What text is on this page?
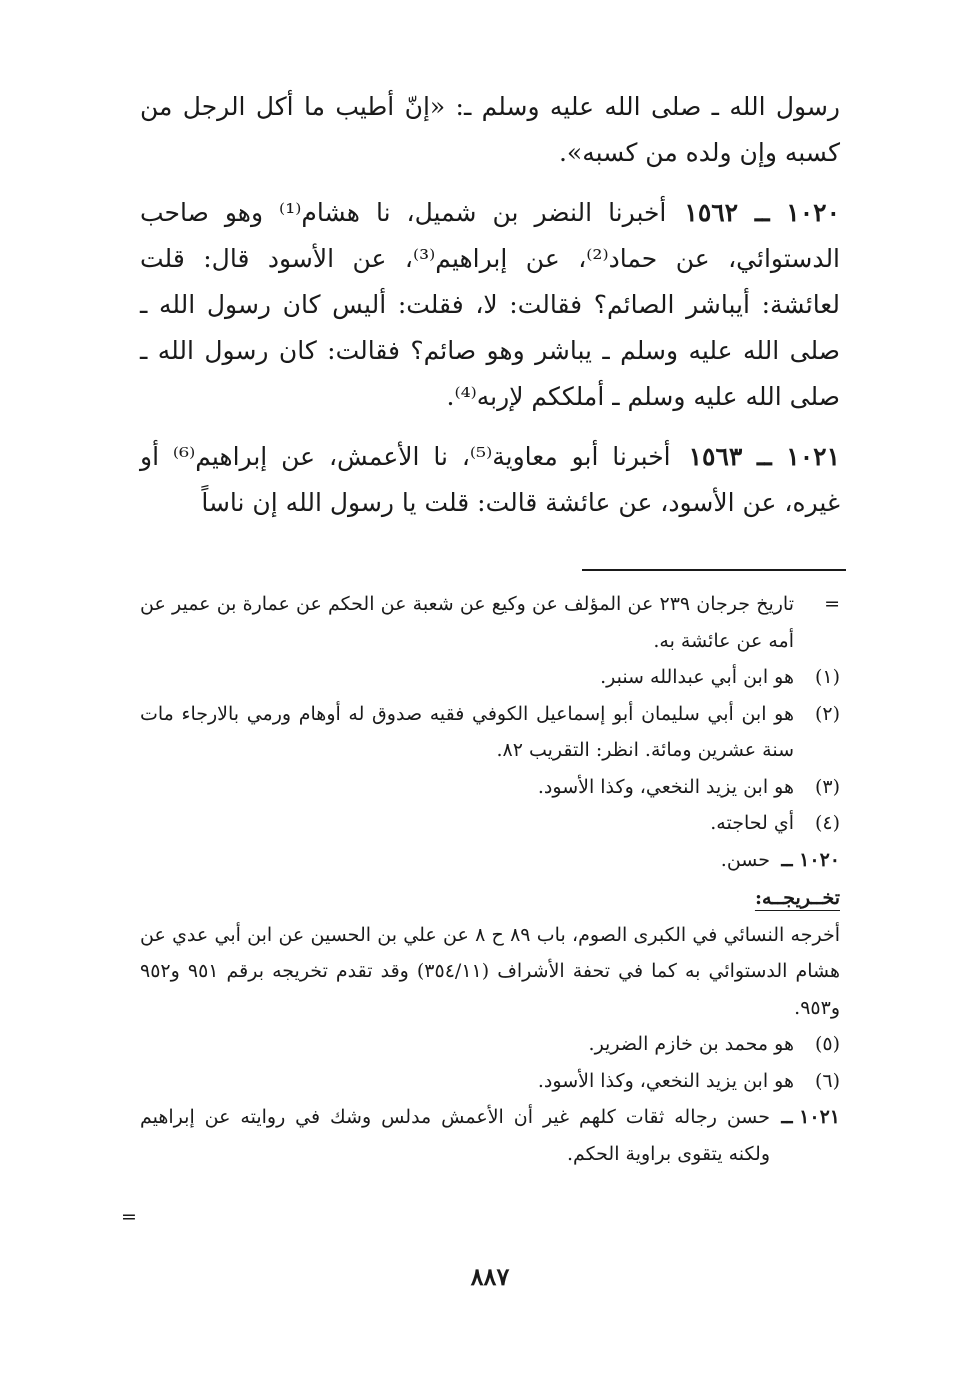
رسول الله ـ صلى الله عليه وسلم ـ: «إنّ أطيب ما أكل الرجل من كسبه وإن ولده من كسبه».

١٠٢٠ ــ ١٥٦٢أخبرنا النضر بن شميل، نا هشام⁽¹⁾ وهو صاحب الدستوائي، عن حماد⁽²⁾، عن إبراهيم⁽³⁾، عن الأسود قال: قلت لعائشة: أيباشر الصائم؟ فقالت: لا، فقلت: أليس كان رسول الله ـ صلى الله عليه وسلم ـ يباشر وهو صائم؟ فقالت: كان رسول الله ـ صلى الله عليه وسلم ـ أملككم لإربه⁽⁴⁾.

١٠٢١ ــ ١٥٦٣أخبرنا أبو معاوية⁽⁵⁾، نا الأعمش، عن إبراهيم⁽⁶⁾ أو غيره، عن الأسود، عن عائشة قالت: قلت يا رسول الله إن ناساً

=
تاريخ جرجان ٢٣٩ عن المؤلف عن وكيع عن شعبة عن الحكم عن عمارة بن عمير عن أمه عن عائشة به.
(١)
هو ابن أبي عبدالله سنبر.
(٢)
هو ابن أبي سليمان أبو إسماعيل الكوفي فقيه صدوق له أوهام ورمي بالارجاء مات سنة عشرين ومائة. انظر: التقريب ٨٢.
(٣)
هو ابن يزيد النخعي، وكذا الأسود.
(٤)
أي لحاجته.
١٠٢٠ ــ
حسن.
تخــريجــه:
أخرجه النسائي في الكبرى الصوم، باب ٨٩ ح ٨ عن علي بن الحسين عن ابن أبي عدي عن هشام الدستوائي به كما في تحفة الأشراف (٣٥٤/١١) وقد تقدم تخريجه برقم ٩٥١ و٩٥٢ و٩٥٣.
(٥)
هو محمد بن خازم الضرير.
(٦)
هو ابن يزيد النخعي، وكذا الأسود.
١٠٢١ ــ
حسن رجاله ثقات كلهم غير أن الأعمش مدلس وشك في روايته عن إبراهيم ولكنه يتقوى براوية الحكم.
٨٨٧
=
